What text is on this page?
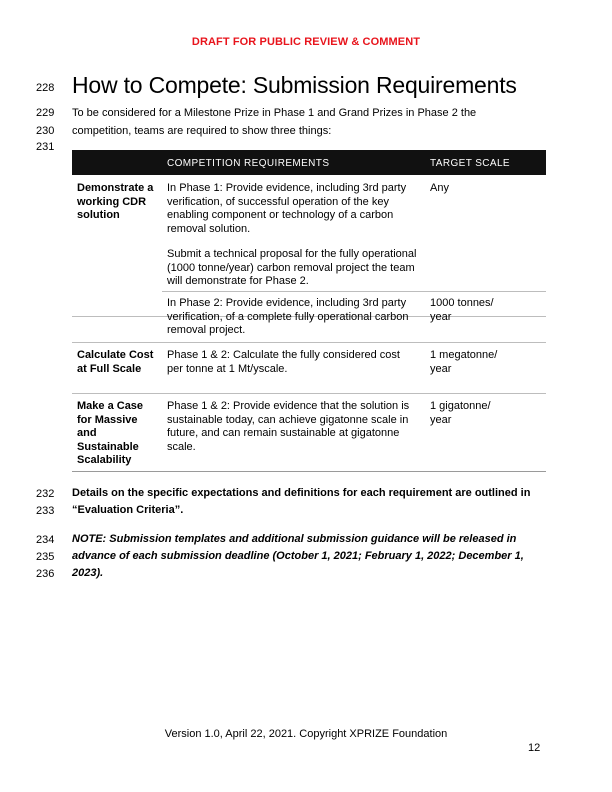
DRAFT FOR PUBLIC REVIEW & COMMENT
228
229
230
231
232
233
234
235
236
How to Compete: Submission Requirements
To be considered for a Milestone Prize in Phase 1 and Grand Prizes in Phase 2 the
competition, teams are required to show three things:
COMPETITION REQUIREMENTS	TARGET SCALE
Demonstrate a working CDR solution
In Phase 1: Provide evidence, including 3rd party verification, of successful operation of the key enabling component or technology of a carbon removal solution.
Submit a technical proposal for the fully operational (1000 tonne/year) carbon removal project the team will demonstrate for Phase 2.
Any
In Phase 2: Provide evidence, including 3rd party verification, of a complete fully operational carbon removal project.
1000 tonnes/ year
Calculate Cost at Full Scale
Phase 1 & 2: Calculate the fully considered cost per tonne at 1 Mt/yscale.
1 megatonne/ year
Make a Case for Massive and Sustainable Scalability
Phase 1 & 2: Provide evidence that the solution is sustainable today, can achieve gigatonne scale in future, and can remain sustainable at gigatonne scale.
1 gigatonne/ year
Details on the specific expectations and definitions for each requirement are outlined in
“Evaluation Criteria”.
NOTE: Submission templates and additional submission guidance will be released in
advance of each submission deadline (October 1, 2021; February 1, 2022; December 1,
2023).
Version 1.0, April 22, 2021. Copyright XPRIZE Foundation
12
